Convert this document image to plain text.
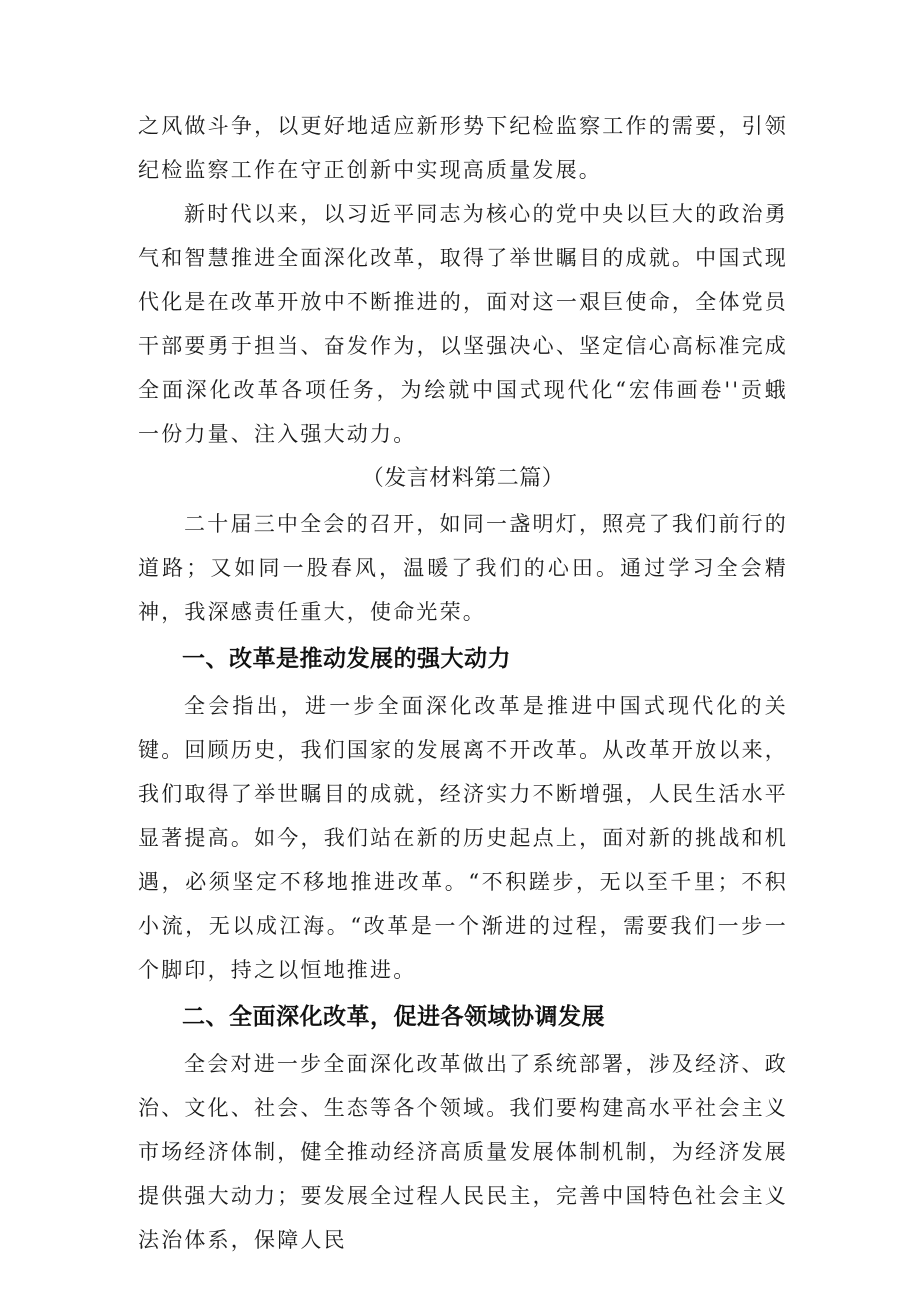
之风做斗争，以更好地适应新形势下纪检监察工作的需要，引领纪检监察工作在守正创新中实现高质量发展。

新时代以来，以习近平同志为核心的党中央以巨大的政治勇气和智慧推进全面深化改革，取得了举世瞩目的成就。中国式现代化是在改革开放中不断推进的，面对这一艰巨使命，全体党员干部要勇于担当、奋发作为，以坚强决心、坚定信心高标准完成全面深化改革各项任务，为绘就中国式现代化“宏伟画卷''贡蛾一份力量、注入强大动力。

（发言材料第二篇）

二十届三中全会的召开，如同一盏明灯，照亮了我们前行的道路；又如同一股春风，温暖了我们的心田。通过学习全会精神，我深感责任重大，使命光荣。

一、改革是推动发展的强大动力

全会指出，进一步全面深化改革是推进中国式现代化的关键。回顾历史，我们国家的发展离不开改革。从改革开放以来，我们取得了举世瞩目的成就，经济实力不断增强，人民生活水平显著提高。如今，我们站在新的历史起点上，面对新的挑战和机遇，必须坚定不移地推进改革。“不积蹉步，无以至千里；不积小流，无以成江海。“改革是一个渐进的过程，需要我们一步一个脚印，持之以恒地推进。

二、全面深化改革，促进各领域协调发展

全会对进一步全面深化改革做出了系统部署，涉及经济、政治、文化、社会、生态等各个领域。我们要构建高水平社会主义市场经济体制，健全推动经济高质量发展体制机制，为经济发展提供强大动力；要发展全过程人民民主，完善中国特色社会主义法治体系，保障人民
